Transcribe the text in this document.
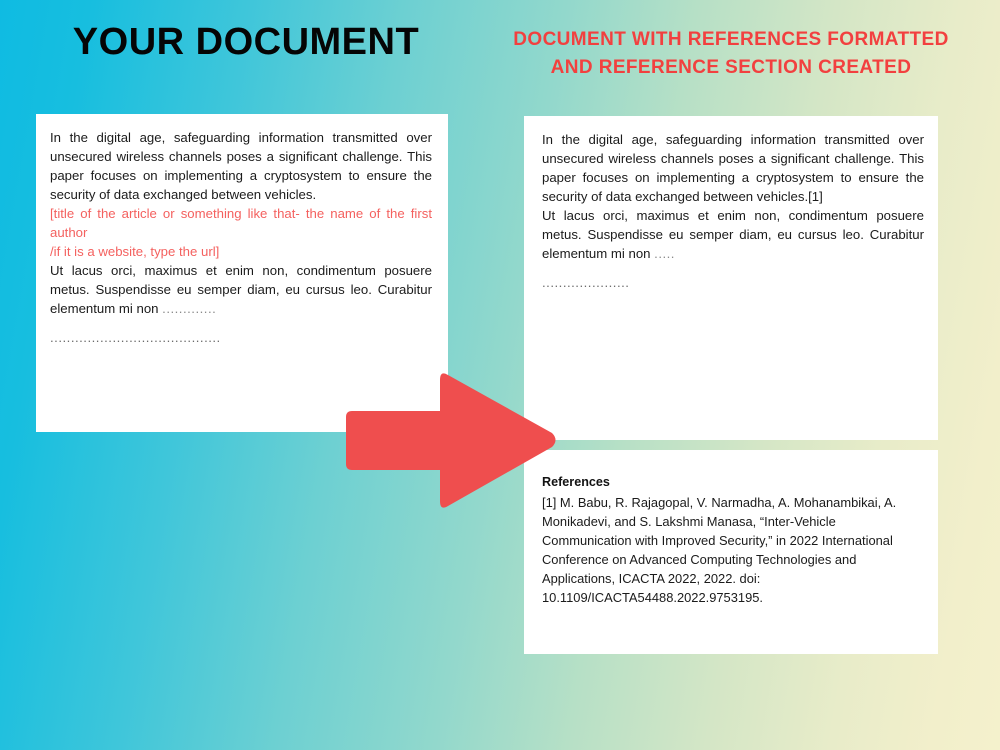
YOUR DOCUMENT	DOCUMENT WITH REFERENCES FORMATTED AND REFERENCE SECTION CREATED
In the digital age, safeguarding information transmitted over unsecured wireless channels poses a significant challenge. This paper focuses on implementing a cryptosystem to ensure the security of data exchanged between vehicles.
[title of the article or something like that- the name of the first author
/if it is a website, type the url]
Ut lacus orci, maximus et enim non, condimentum posuere metus. Suspendisse eu semper diam, eu cursus leo. Curabitur elementum mi non .............
.........................................
In the digital age, safeguarding information transmitted over unsecured wireless channels poses a significant challenge. This paper focuses on implementing a cryptosystem to ensure the security of data exchanged between vehicles.[1]
Ut lacus orci, maximus et enim non, condimentum posuere metus. Suspendisse eu semper diam, eu cursus leo. Curabitur elementum mi non .....
.....................
References
[1] M. Babu, R. Rajagopal, V. Narmadha, A. Mohanambikai, A. Monikadevi, and S. Lakshmi Manasa, “Inter-Vehicle Communication with Improved Security,” in 2022 International Conference on Advanced Computing Technologies and Applications, ICACTA 2022, 2022. doi: 10.1109/ICACTA54488.2022.9753195.
